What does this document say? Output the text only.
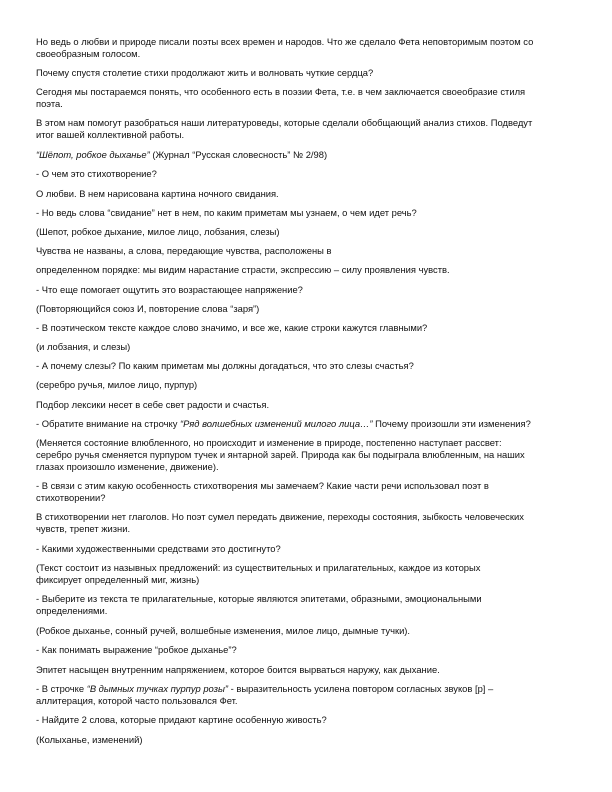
Но ведь о любви и природе писали поэты всех времен и народов. Что же сделало Фета неповторимым поэтом со
своеобразным голосом.

Почему спустя столетие стихи продолжают жить и волновать чуткие сердца?

Сегодня мы постараемся понять, что особенного есть в поэзии Фета, т.е. в чем заключается своеобразие стиля
поэта.

В этом нам помогут разобраться наши литературоведы, которые сделали обобщающий анализ стихов. Подведут
итог вашей коллективной работы.

“Шёпот, робкое дыханье” (Журнал “Русская словесность” № 2/98)

- О чем это стихотворение?

О любви. В нем нарисована картина ночного свидания.

- Но ведь слова “свидание” нет в нем, по каким приметам мы узнаем, о чем идет речь?

(Шепот, робкое дыхание, милое лицо, лобзания, слезы)

Чувства не названы, а слова, передающие чувства, расположены в

определенном порядке: мы видим нарастание страсти, экспрессию – силу проявления чувств.

- Что еще помогает ощутить это возрастающее напряжение?

(Повторяющийся союз И, повторение слова “заря”)

- В поэтическом тексте каждое слово значимо, и все же, какие строки кажутся главными?

(и лобзания, и слезы)

- А почему слезы? По каким приметам мы должны догадаться, что это слезы счастья?

(серебро ручья, милое лицо, пурпур)

Подбор лексики несет в себе свет радости и счастья.

- Обратите внимание на строчку “Ряд волшебных изменений милого лица…” Почему произошли эти изменения?

(Меняется состояние влюбленного, но происходит и изменение в природе, постепенно наступает рассвет:
серебро ручья сменяется пурпуром тучек и янтарной зарей. Природа как бы подыграла влюбленным, на наших
глазах произошло изменение, движение).

- В связи с этим какую особенность стихотворения мы замечаем? Какие части речи использовал поэт в
стихотворении?

В стихотворении нет глаголов. Но поэт сумел передать движение, переходы состояния, зыбкость человеческих
чувств, трепет жизни.

- Какими художественными средствами это достигнуто?

(Текст состоит из назывных предложений: из существительных и прилагательных, каждое из которых
фиксирует определенный миг, жизнь)

- Выберите из текста те прилагательные, которые являются эпитетами, образными, эмоциональными
определениями.

(Робкое дыханье, сонный ручей, волшебные изменения, милое лицо, дымные тучки).

- Как понимать выражение “робкое дыханье”?

Эпитет насыщен внутренним напряжением, которое боится вырваться наружу, как дыхание.

- В строчке “В дымных тучках пурпур розы” - выразительность усилена повтором согласных звуков [р] –
аллитерация, которой часто пользовался Фет.

- Найдите 2 слова, которые придают картине особенную живость?

(Колыханье, изменений)
